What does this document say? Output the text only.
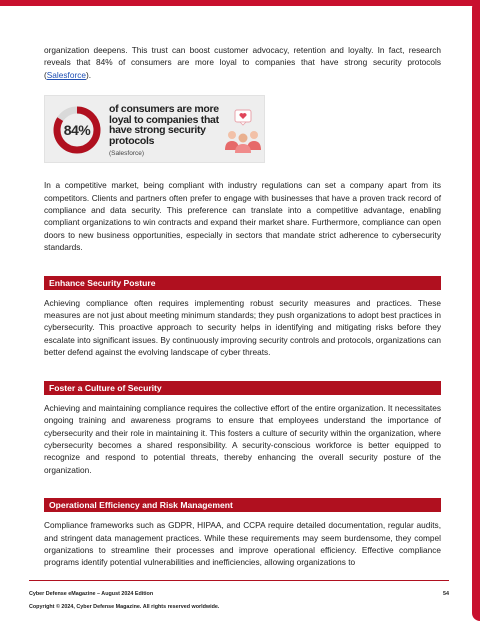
organization deepens. This trust can boost customer advocacy, retention and loyalty. In fact, research reveals that 84% of consumers are more loyal to companies that have strong security protocols (Salesforce).

84%
of consumers are more loyal to companies that have strong security protocols
(Salesforce)

In a competitive market, being compliant with industry regulations can set a company apart from its competitors. Clients and partners often prefer to engage with businesses that have a proven track record of compliance and data security. This preference can translate into a competitive advantage, enabling compliant organizations to win contracts and expand their market share. Furthermore, compliance can open doors to new business opportunities, especially in sectors that mandate strict adherence to cybersecurity standards.

Enhance Security Posture

Achieving compliance often requires implementing robust security measures and practices. These measures are not just about meeting minimum standards; they push organizations to adopt best practices in cybersecurity. This proactive approach to security helps in identifying and mitigating risks before they escalate into significant issues. By continuously improving security controls and protocols, organizations can better defend against the evolving landscape of cyber threats.

Foster a Culture of Security

Achieving and maintaining compliance requires the collective effort of the entire organization. It necessitates ongoing training and awareness programs to ensure that employees understand the importance of cybersecurity and their role in maintaining it. This fosters a culture of security within the organization, where cybersecurity becomes a shared responsibility. A security-conscious workforce is better equipped to recognize and respond to potential threats, thereby enhancing the overall security posture of the organization.

Operational Efficiency and Risk Management

Compliance frameworks such as GDPR, HIPAA, and CCPA require detailed documentation, regular audits, and stringent data management practices. While these requirements may seem burdensome, they compel organizations to streamline their processes and improve operational efficiency. Effective compliance programs identify potential vulnerabilities and inefficiencies, allowing organizations to

Cyber Defense eMagazine – August 2024 Edition	54
Copyright © 2024, Cyber Defense Magazine. All rights reserved worldwide.
